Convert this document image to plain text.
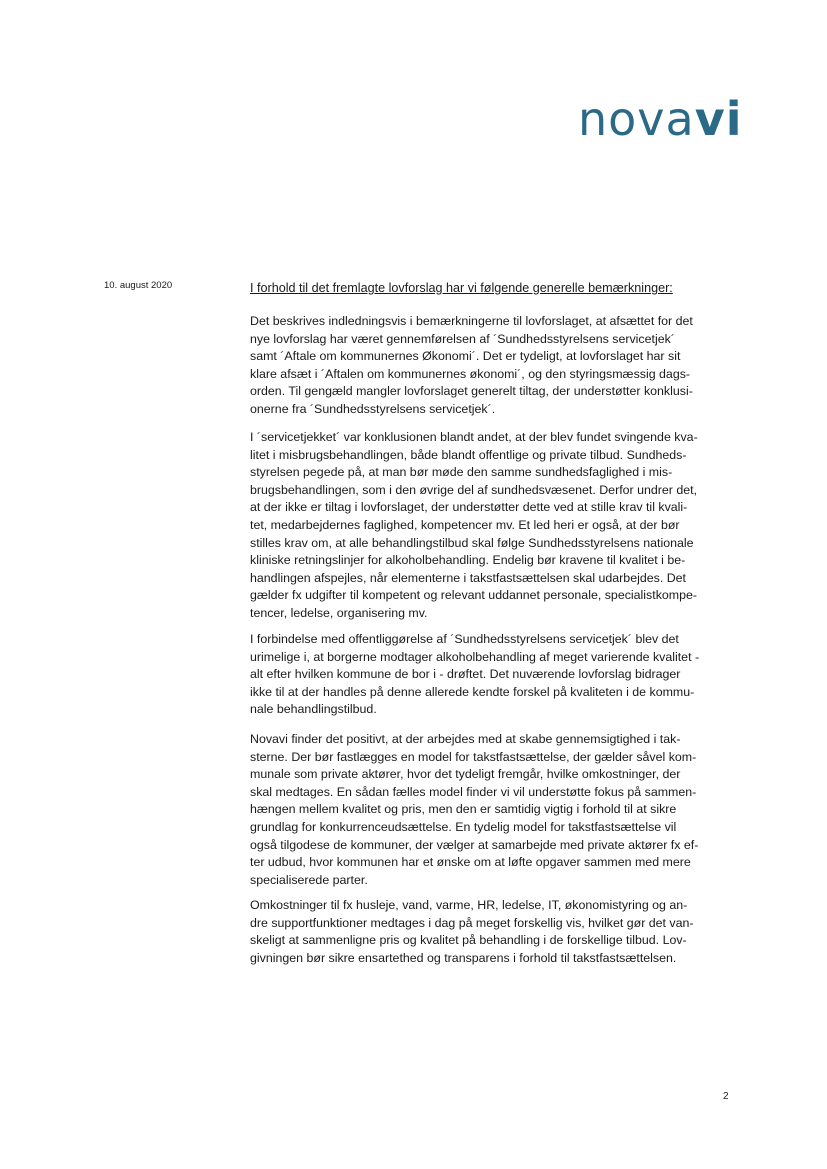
novavi
10. august 2020	I forhold til det fremlagte lovforslag har vi følgende generelle bemærkninger:
Det beskrives indledningsvis i bemærkningerne til lovforslaget, at afsættet for det
nye lovforslag har været gennemførelsen af ´Sundhedsstyrelsens servicetjek´
samt ´Aftale om kommunernes Økonomi´. Det er tydeligt, at lovforslaget har sit
klare afsæt i ´Aftalen om kommunernes økonomi´, og den styringsmæssig dags-
orden. Til gengæld mangler lovforslaget generelt tiltag, der understøtter konklusi-
onerne fra ´Sundhedsstyrelsens servicetjek´.
I ´servicetjekket´ var konklusionen blandt andet, at der blev fundet svingende kva-
litet i misbrugsbehandlingen, både blandt offentlige og private tilbud. Sundheds-
styrelsen pegede på, at man bør møde den samme sundhedsfaglighed i mis-
brugsbehandlingen, som i den øvrige del af sundhedsvæsenet. Derfor undrer det,
at der ikke er tiltag i lovforslaget, der understøtter dette ved at stille krav til kvali-
tet, medarbejdernes faglighed, kompetencer mv. Et led heri er også, at der bør
stilles krav om, at alle behandlingstilbud skal følge Sundhedsstyrelsens nationale
kliniske retningslinjer for alkoholbehandling. Endelig bør kravene til kvalitet i be-
handlingen afspejles, når elementerne i takstfastsættelsen skal udarbejdes. Det
gælder fx udgifter til kompetent og relevant uddannet personale, specialistkompe-
tencer, ledelse, organisering mv.
I forbindelse med offentliggørelse af ´Sundhedsstyrelsens servicetjek´ blev det
urimelige i, at borgerne modtager alkoholbehandling af meget varierende kvalitet -
alt efter hvilken kommune de bor i - drøftet. Det nuværende lovforslag bidrager
ikke til at der handles på denne allerede kendte forskel på kvaliteten i de kommu-
nale behandlingstilbud.
Novavi finder det positivt, at der arbejdes med at skabe gennemsigtighed i tak-
sterne. Der bør fastlægges en model for takstfastsættelse, der gælder såvel kom-
munale som private aktører, hvor det tydeligt fremgår, hvilke omkostninger, der
skal medtages. En sådan fælles model finder vi vil understøtte fokus på sammen-
hængen mellem kvalitet og pris, men den er samtidig vigtig i forhold til at sikre
grundlag for konkurrenceudsættelse. En tydelig model for takstfastsættelse vil
også tilgodese de kommuner, der vælger at samarbejde med private aktører fx ef-
ter udbud, hvor kommunen har et ønske om at løfte opgaver sammen med mere
specialiserede parter.
Omkostninger til fx husleje, vand, varme, HR, ledelse, IT, økonomistyring og an-
dre supportfunktioner medtages i dag på meget forskellig vis, hvilket gør det van-
skeligt at sammenligne pris og kvalitet på behandling i de forskellige tilbud. Lov-
givningen bør sikre ensartethed og transparens i forhold til takstfastsættelsen.
2
